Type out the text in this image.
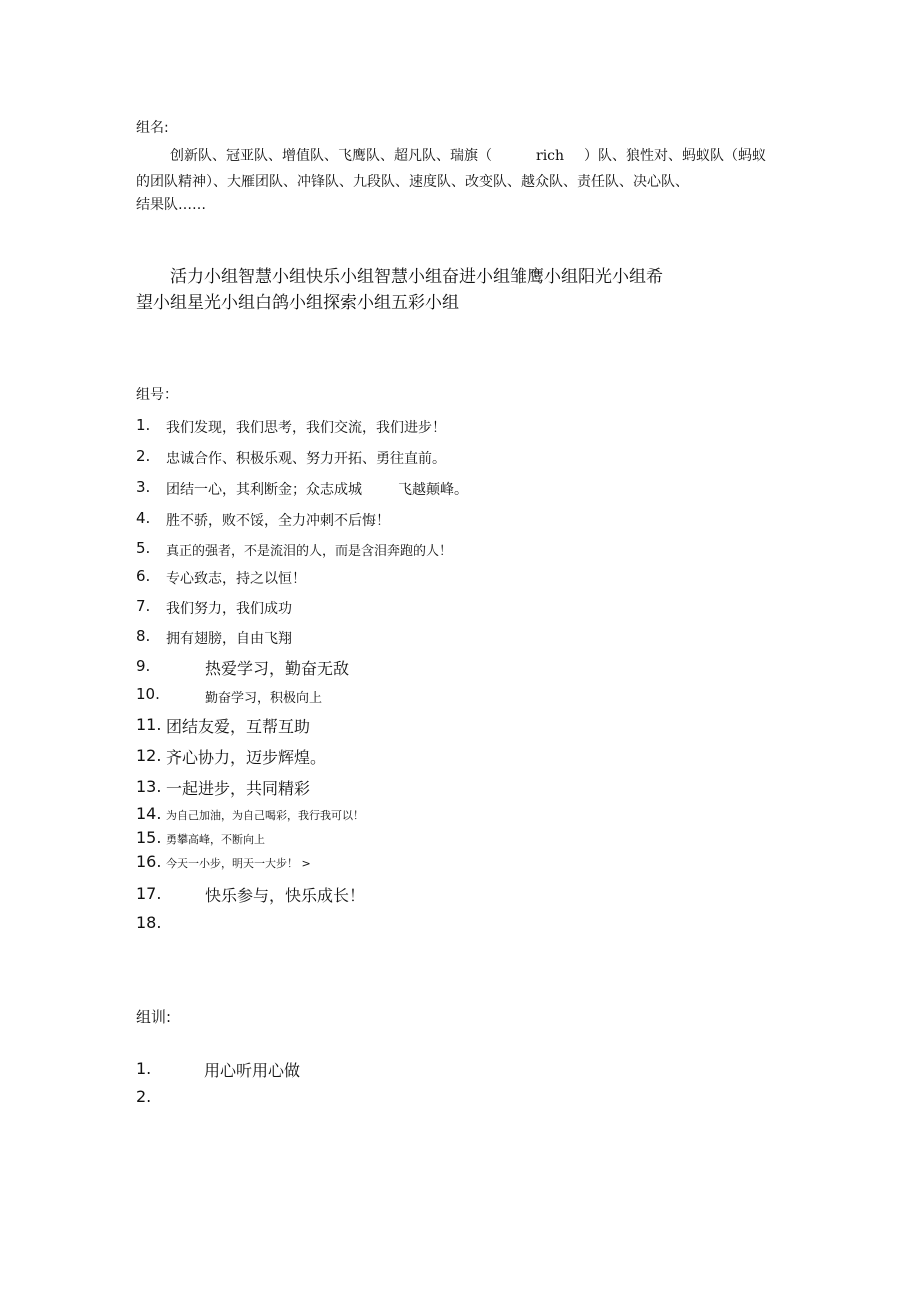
组名:
创新队、冠亚队、增值队、飞鹰队、超凡队、瑞旗（	rich ）队、狼性对、蚂蚁队（蚂蚁
的团队精神）、大雁团队、冲锋队、九段队、速度队、改变队、越众队、责任队、决心队、
结果队……
活力小组智慧小组快乐小组智慧小组奋进小组雏鹰小组阳光小组希
望小组星光小组白鸽小组探索小组五彩小组
组号：
1. 我们发现，我们思考，我们交流，我们进步！
2. 忠诚合作、积极乐观、努力开拓、勇往直前。
3. 团结一心，其利断金；众志成城	飞越颠峰。
4. 胜不骄，败不馁，全力冲刺不后悔！
5. 真正的强者，不是流泪的人，而是含泪奔跑的人！
6. 专心致志，持之以恒！
7. 我们努力，我们成功
8. 拥有翅膀，自由飞翔
9.	热爱学习，勤奋无敌
10.	勤奋学习，积极向上
11. 团结友爱，互帮互助
12. 齐心协力，迈步辉煌。
13. 一起进步，共同精彩
14. 为自己加油，为自己喝彩，我行我可以！
15. 勇攀高峰，不断向上
16. 今天一小步，明天一大步！ >
17.	快乐参与，快乐成长！
18.
组训:
1.	用心听用心做
2.
